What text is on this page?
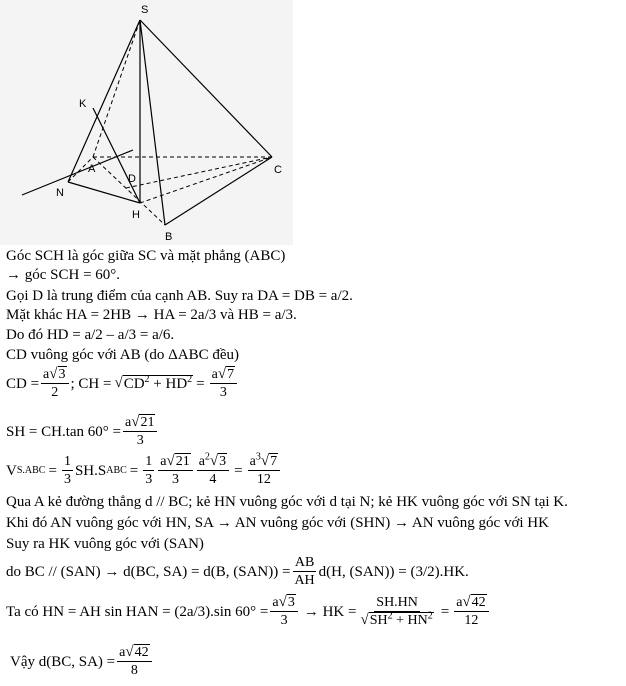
S
K
A
D
N
H
C
B
Góc SCH là góc giữa SC và mặt phẳng (ABC)
→ góc SCH = 60°.
Gọi D là trung điểm của cạnh AB. Suy ra DA = DB = a/2.
Mặt khác HA = 2HB → HA = 2a/3 và HB = a/3.
Do đó HD = a/2 – a/3 = a/6.
CD vuông góc với AB (do ΔABC đều)
CD = $\frac{a √ 3}{2}$ ; CH = √ $CD^2 + HD^2 = \frac{a √ 7}{3}$
SH = CH.tan $60^\circ = \frac{a √ 21}{3}$
V $S.ABC = \frac{1}{3} SH.S$ ABC = $\frac{1}{3} \frac{a √ 21}{3} \frac{a^2 √ 3}{4} = \frac{a^3 √ 7}{12}$
Qua A kẻ đường thẳng d // BC; kẻ HN vuông góc với d tại N; kẻ HK vuông góc với SN tại K.
Khi đó AN vuông góc với HN, SA → AN vuông góc với (SHN) → AN vuông góc với HK
Suy ra HK vuông góc với (SAN)
do BC // (SAN) → d(BC, SA) = d(B, $(SAN)) = \frac{AB}{AH} d(H$, (SAN)) = (3/2).HK.
Ta có HN = AH sin HAN = (2a/3).sin $60^\circ = \frac{a √ 3}{3}$ → HK = $\frac{SH.HN}{√ SH^2 + HN^2} = \frac{a √ 42}{12}$
Vậy d(BC, $SA) = \frac{a √ 42}{8}$
